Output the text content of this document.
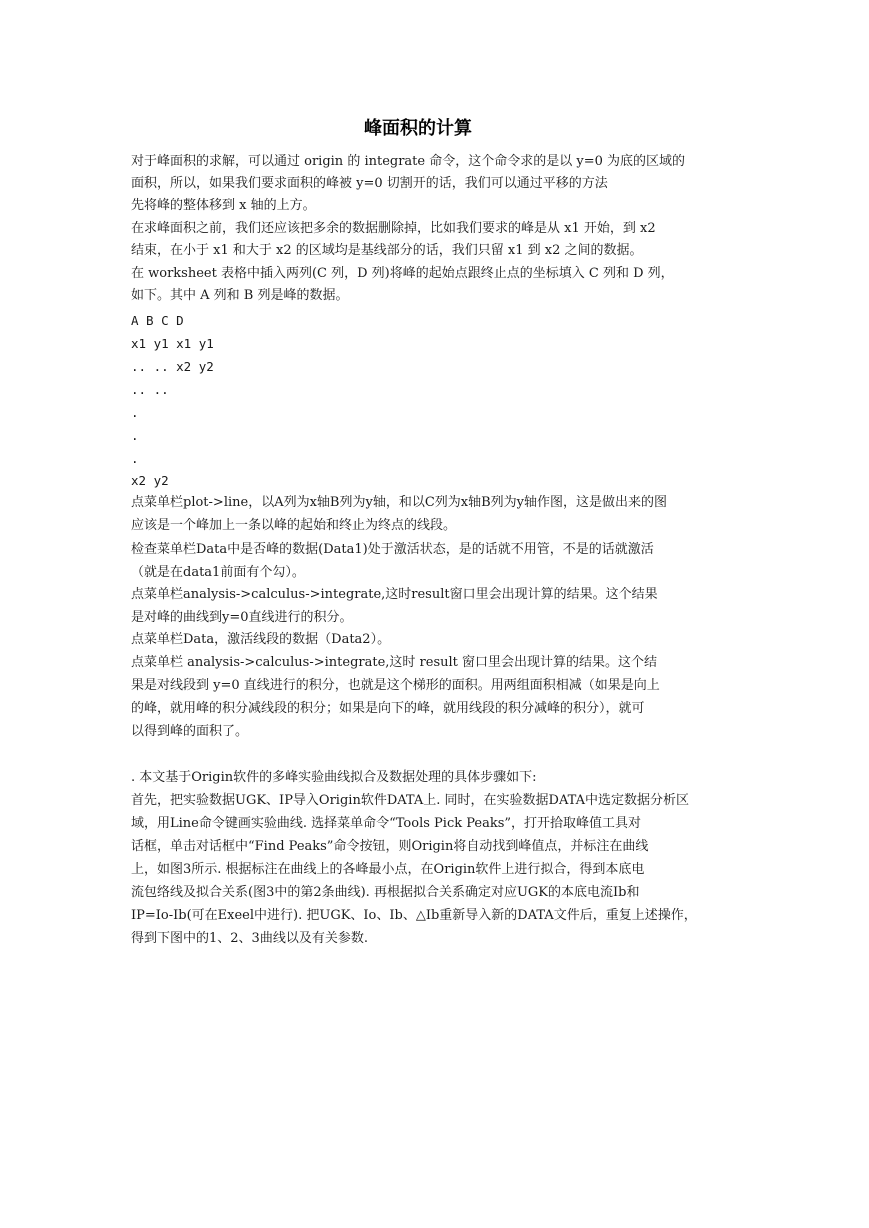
峰面积的计算
对于峰面积的求解，可以通过 origin 的 integrate 命令，这个命令求的是以 y=0 为底的区域的
面积，所以，如果我们要求面积的峰被 y=0 切割开的话，我们可以通过平移的方法
先将峰的整体移到 x 轴的上方。
在求峰面积之前，我们还应该把多余的数据删除掉，比如我们要求的峰是从 x1 开始，到 x2
结束，在小于 x1 和大于 x2 的区域均是基线部分的话，我们只留 x1 到 x2 之间的数据。
在 worksheet 表格中插入两列(C 列，D 列)将峰的起始点跟终止点的坐标填入 C 列和 D 列，
如下。其中 A 列和 B 列是峰的数据。
A B C D
x1 y1 x1 y1
.. .. x2 y2
.. ..
.
.
.
x2 y2
点菜单栏plot->line，以A列为x轴B列为y轴，和以C列为x轴B列为y轴作图，这是做出来的图
应该是一个峰加上一条以峰的起始和终止为终点的线段。
检查菜单栏Data中是否峰的数据(Data1)处于激活状态，是的话就不用管，不是的话就激活
（就是在data1前面有个勾）。
点菜单栏analysis->calculus->integrate,这时result窗口里会出现计算的结果。这个结果
是对峰的曲线到y=0直线进行的积分。
点菜单栏Data，激活线段的数据（Data2）。
点菜单栏 analysis->calculus->integrate,这时 result 窗口里会出现计算的结果。这个结
果是对线段到 y=0 直线进行的积分，也就是这个梯形的面积。用两组面积相减（如果是向上
的峰，就用峰的积分减线段的积分；如果是向下的峰，就用线段的积分减峰的积分），就可
以得到峰的面积了。
. 本文基于Origin软件的多峰实验曲线拟合及数据处理的具体步骤如下:
首先，把实验数据UGK、IP导入Origin软件DATA上. 同时，在实验数据DATA中选定数据分析区
域，用Line命令键画实验曲线. 选择菜单命令“Tools Pick Peaks”，打开拾取峰值工具对
话框，单击对话框中“Find Peaks”命令按钮，则Origin将自动找到峰值点，并标注在曲线
上，如图3所示. 根据标注在曲线上的各峰最小点，在Origin软件上进行拟合，得到本底电
流包络线及拟合关系(图3中的第2条曲线). 再根据拟合关系确定对应UGK的本底电流Ib和
IP=Io-Ib(可在Exeel中进行). 把UGK、Io、Ib、△Ib重新导入新的DATA文件后，重复上述操作，
得到下图中的1、2、3曲线以及有关参数.
